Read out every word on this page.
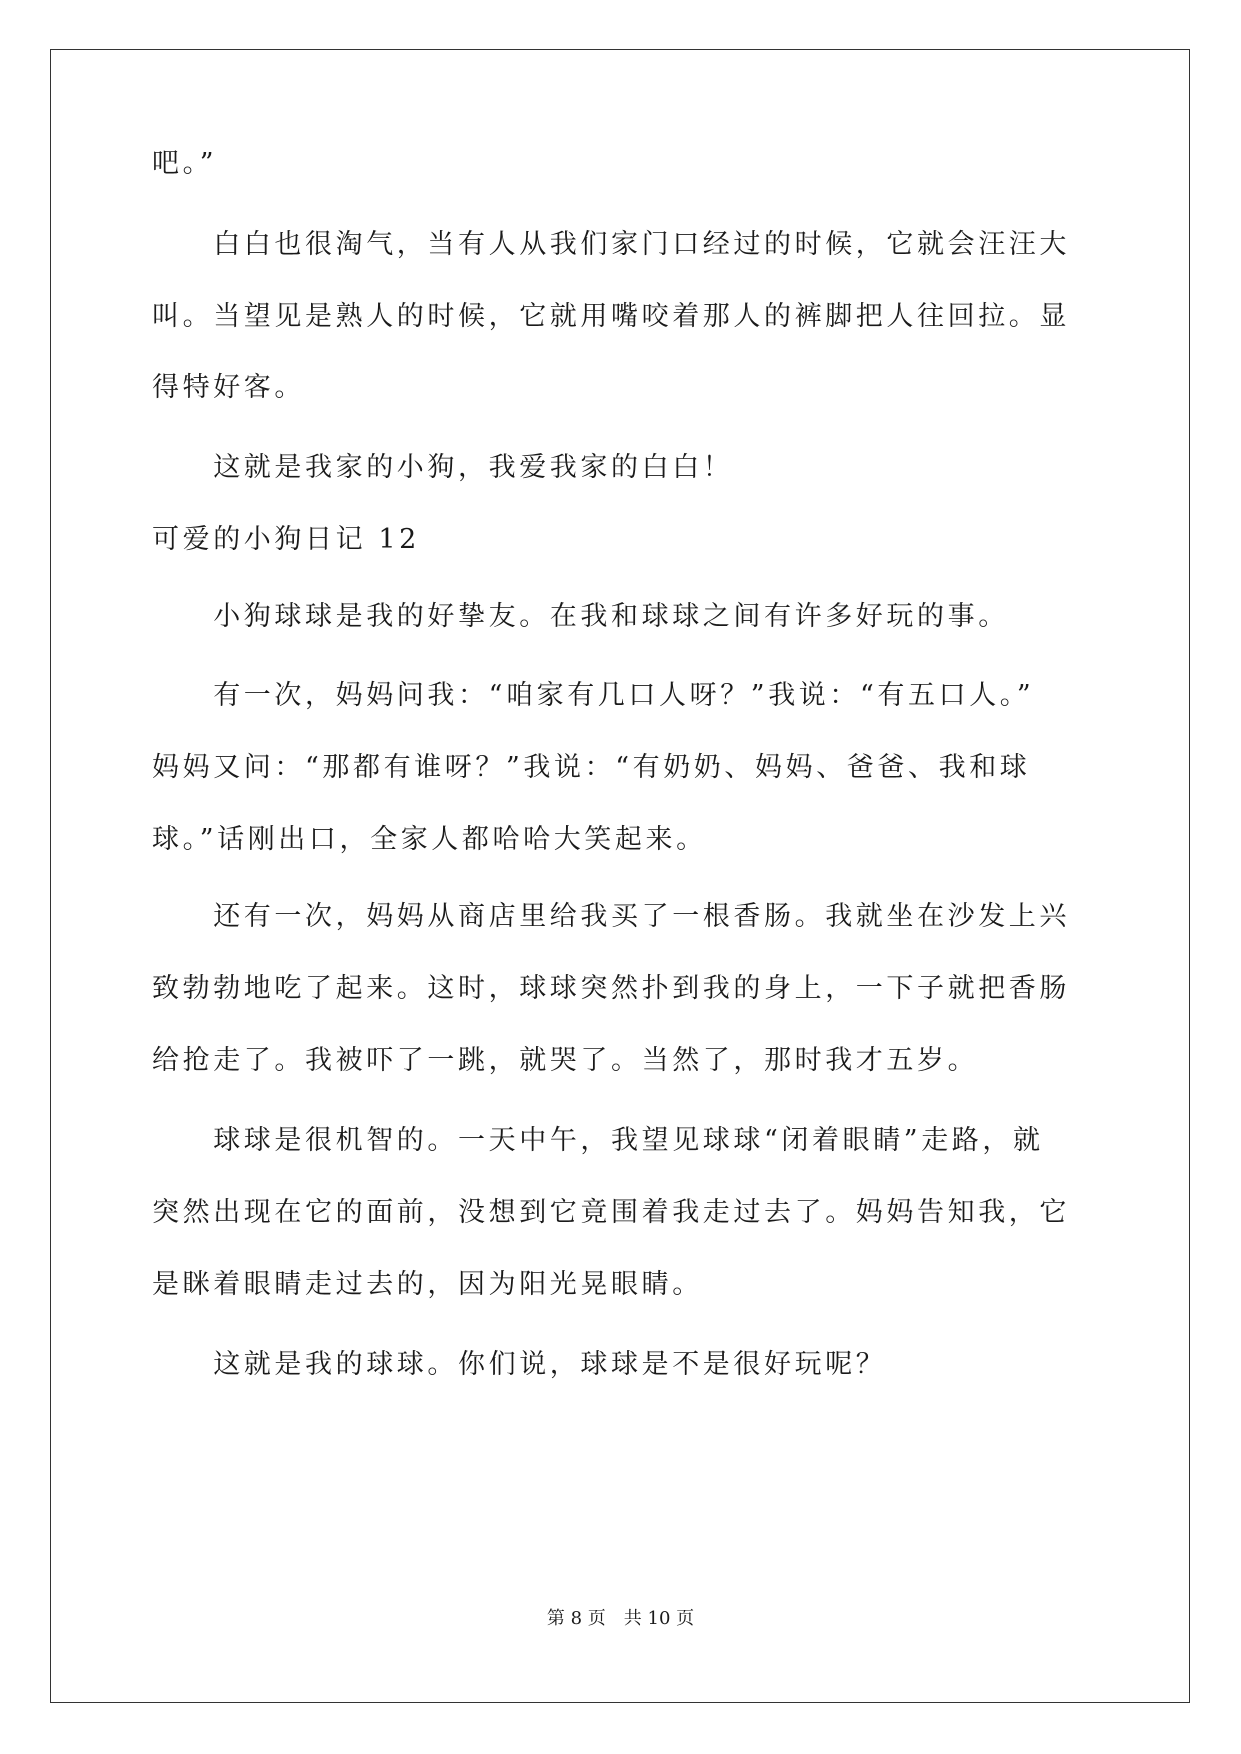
吧。”
　　白白也很淘气，当有人从我们家门口经过的时候，它就会汪汪大
叫。当望见是熟人的时候，它就用嘴咬着那人的裤脚把人往回拉。显
得特好客。
　　这就是我家的小狗，我爱我家的白白！
可爱的小狗日记 12
　　小狗球球是我的好挚友。在我和球球之间有许多好玩的事。
　　有一次，妈妈问我：“咱家有几口人呀？”我说：“有五口人。”
妈妈又问：“那都有谁呀？”我说：“有奶奶、妈妈、爸爸、我和球
球。”话刚出口，全家人都哈哈大笑起来。
　　还有一次，妈妈从商店里给我买了一根香肠。我就坐在沙发上兴
致勃勃地吃了起来。这时，球球突然扑到我的身上，一下子就把香肠
给抢走了。我被吓了一跳，就哭了。当然了，那时我才五岁。
　　球球是很机智的。一天中午，我望见球球“闭着眼睛”走路，就
突然出现在它的面前，没想到它竟围着我走过去了。妈妈告知我，它
是眯着眼睛走过去的，因为阳光晃眼睛。
　　这就是我的球球。你们说，球球是不是很好玩呢？
第 8 页　共 10 页
